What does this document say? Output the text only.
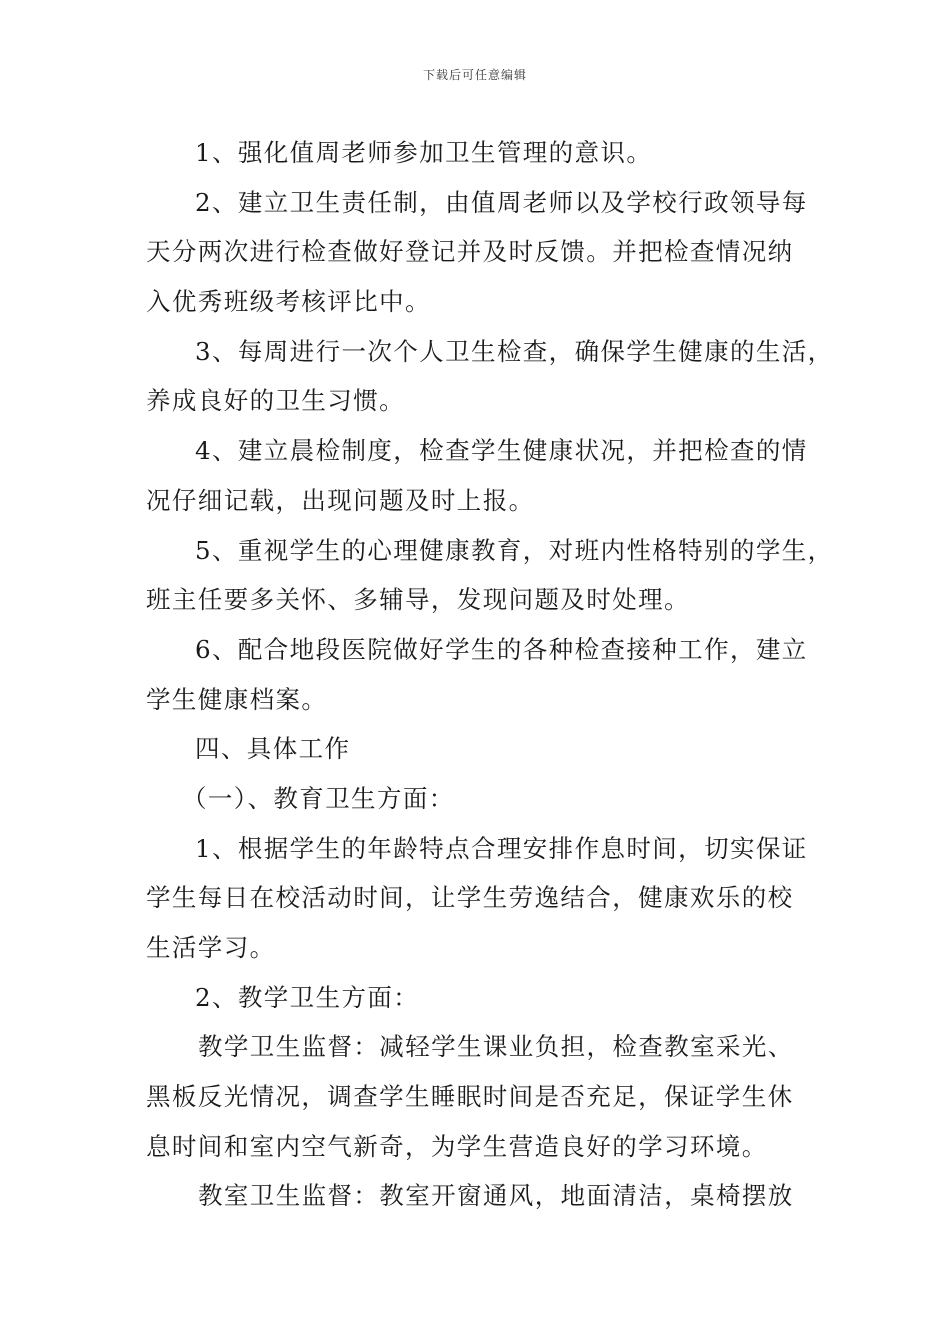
下载后可任意编辑
1、强化值周老师参加卫生管理的意识。
2、建立卫生责任制，由值周老师以及学校行政领导每
天分两次进行检查做好登记并及时反馈。并把检查情况纳
入优秀班级考核评比中。
3、每周进行一次个人卫生检查，确保学生健康的生活，
养成良好的卫生习惯。
4、建立晨检制度，检查学生健康状况，并把检查的情
况仔细记载，出现问题及时上报。
5、重视学生的心理健康教育，对班内性格特别的学生，
班主任要多关怀、多辅导，发现问题及时处理。
6、配合地段医院做好学生的各种检查接种工作，建立
学生健康档案。
四、具体工作
（一）、教育卫生方面：
1、根据学生的年龄特点合理安排作息时间，切实保证
学生每日在校活动时间，让学生劳逸结合，健康欢乐的校
生活学习。
2、教学卫生方面：
教学卫生监督：减轻学生课业负担，检查教室采光、
黑板反光情况，调查学生睡眠时间是否充足，保证学生休
息时间和室内空气新奇，为学生营造良好的学习环境。
教室卫生监督：教室开窗通风，地面清洁，桌椅摆放
